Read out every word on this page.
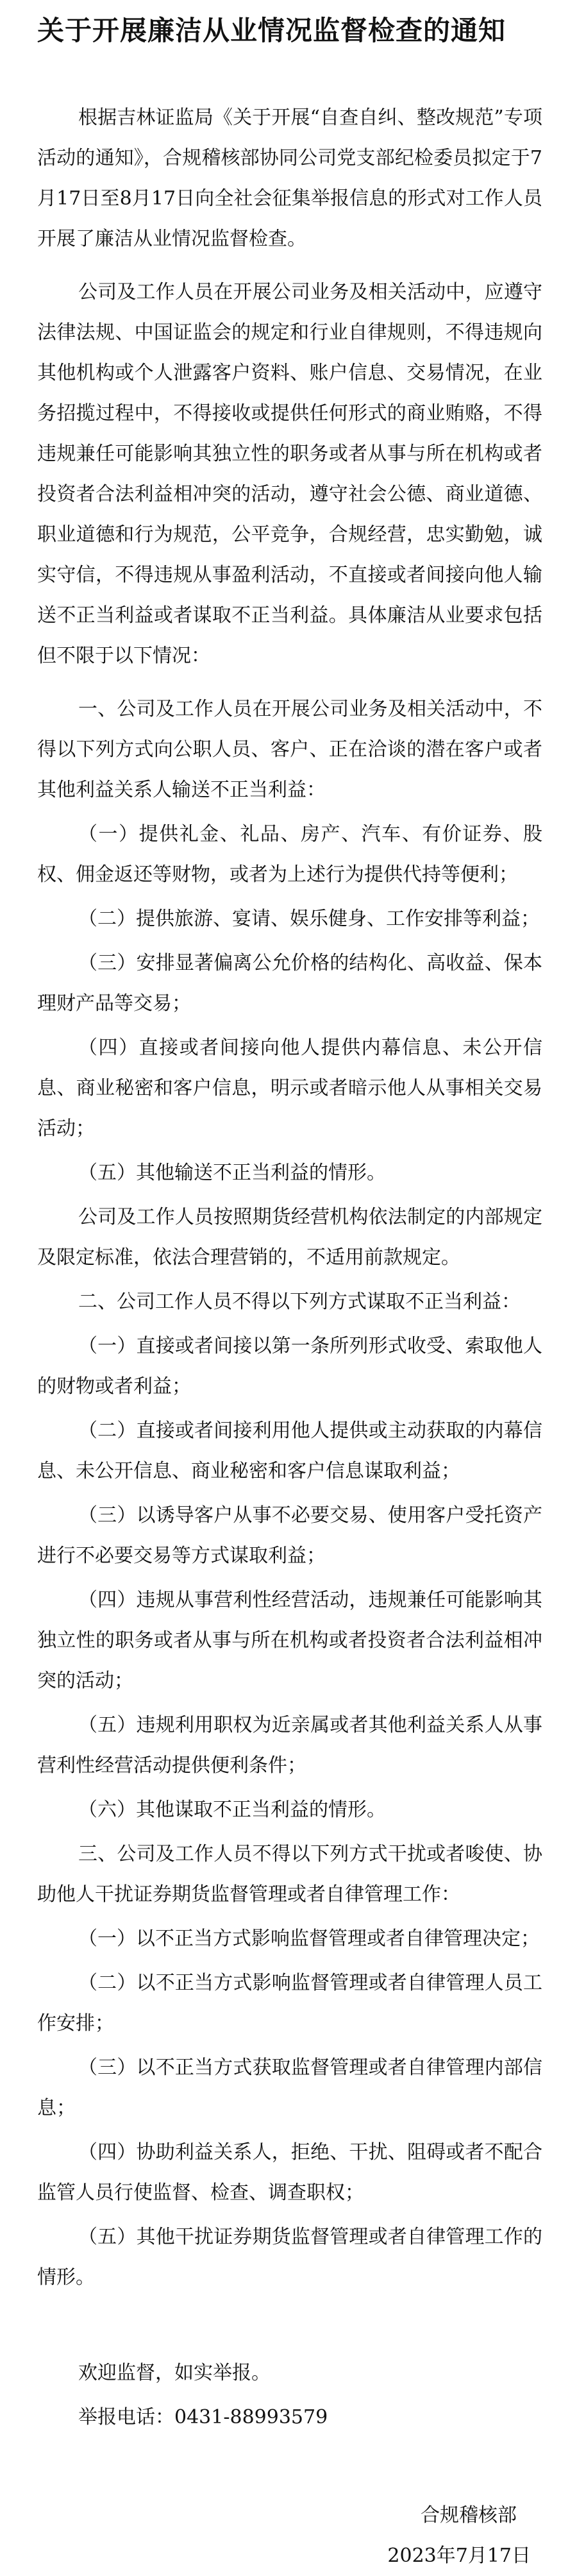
关于开展廉洁从业情况监督检查的通知

根据吉林证监局《关于开展“自查自纠、整改规范”专项活动的通知》，合规稽核部协同公司党支部纪检委员拟定于7月17日至8月17日向全社会征集举报信息的形式对工作人员开展了廉洁从业情况监督检查。

公司及工作人员在开展公司业务及相关活动中，应遵守法律法规、中国证监会的规定和行业自律规则，不得违规向其他机构或个人泄露客户资料、账户信息、交易情况，在业务招揽过程中，不得接收或提供任何形式的商业贿赂，不得违规兼任可能影响其独立性的职务或者从事与所在机构或者投资者合法利益相冲突的活动，遵守社会公德、商业道德、职业道德和行为规范，公平竞争，合规经营，忠实勤勉，诚实守信，不得违规从事盈利活动，不直接或者间接向他人输送不正当利益或者谋取不正当利益。具体廉洁从业要求包括但不限于以下情况：

一、公司及工作人员在开展公司业务及相关活动中，不得以下列方式向公职人员、客户、正在洽谈的潜在客户或者其他利益关系人输送不正当利益：

（一）提供礼金、礼品、房产、汽车、有价证券、股权、佣金返还等财物，或者为上述行为提供代持等便利；

（二）提供旅游、宴请、娱乐健身、工作安排等利益；

（三）安排显著偏离公允价格的结构化、高收益、保本理财产品等交易；

（四）直接或者间接向他人提供内幕信息、未公开信息、商业秘密和客户信息，明示或者暗示他人从事相关交易活动；

（五）其他输送不正当利益的情形。

公司及工作人员按照期货经营机构依法制定的内部规定及限定标准，依法合理营销的，不适用前款规定。

二、公司工作人员不得以下列方式谋取不正当利益：

（一）直接或者间接以第一条所列形式收受、索取他人的财物或者利益；

（二）直接或者间接利用他人提供或主动获取的内幕信息、未公开信息、商业秘密和客户信息谋取利益；

（三）以诱导客户从事不必要交易、使用客户受托资产进行不必要交易等方式谋取利益；

（四）违规从事营利性经营活动，违规兼任可能影响其独立性的职务或者从事与所在机构或者投资者合法利益相冲突的活动；

（五）违规利用职权为近亲属或者其他利益关系人从事营利性经营活动提供便利条件；

（六）其他谋取不正当利益的情形。

三、公司及工作人员不得以下列方式干扰或者唆使、协助他人干扰证券期货监督管理或者自律管理工作：

（一）以不正当方式影响监督管理或者自律管理决定；

（二）以不正当方式影响监督管理或者自律管理人员工作安排；

（三）以不正当方式获取监督管理或者自律管理内部信息；

（四）协助利益关系人，拒绝、干扰、阻碍或者不配合监管人员行使监督、检查、调查职权；

（五）其他干扰证券期货监督管理或者自律管理工作的情形。

欢迎监督，如实举报。

举报电话：0431-88993579

合规稽核部

2023年7月17日
